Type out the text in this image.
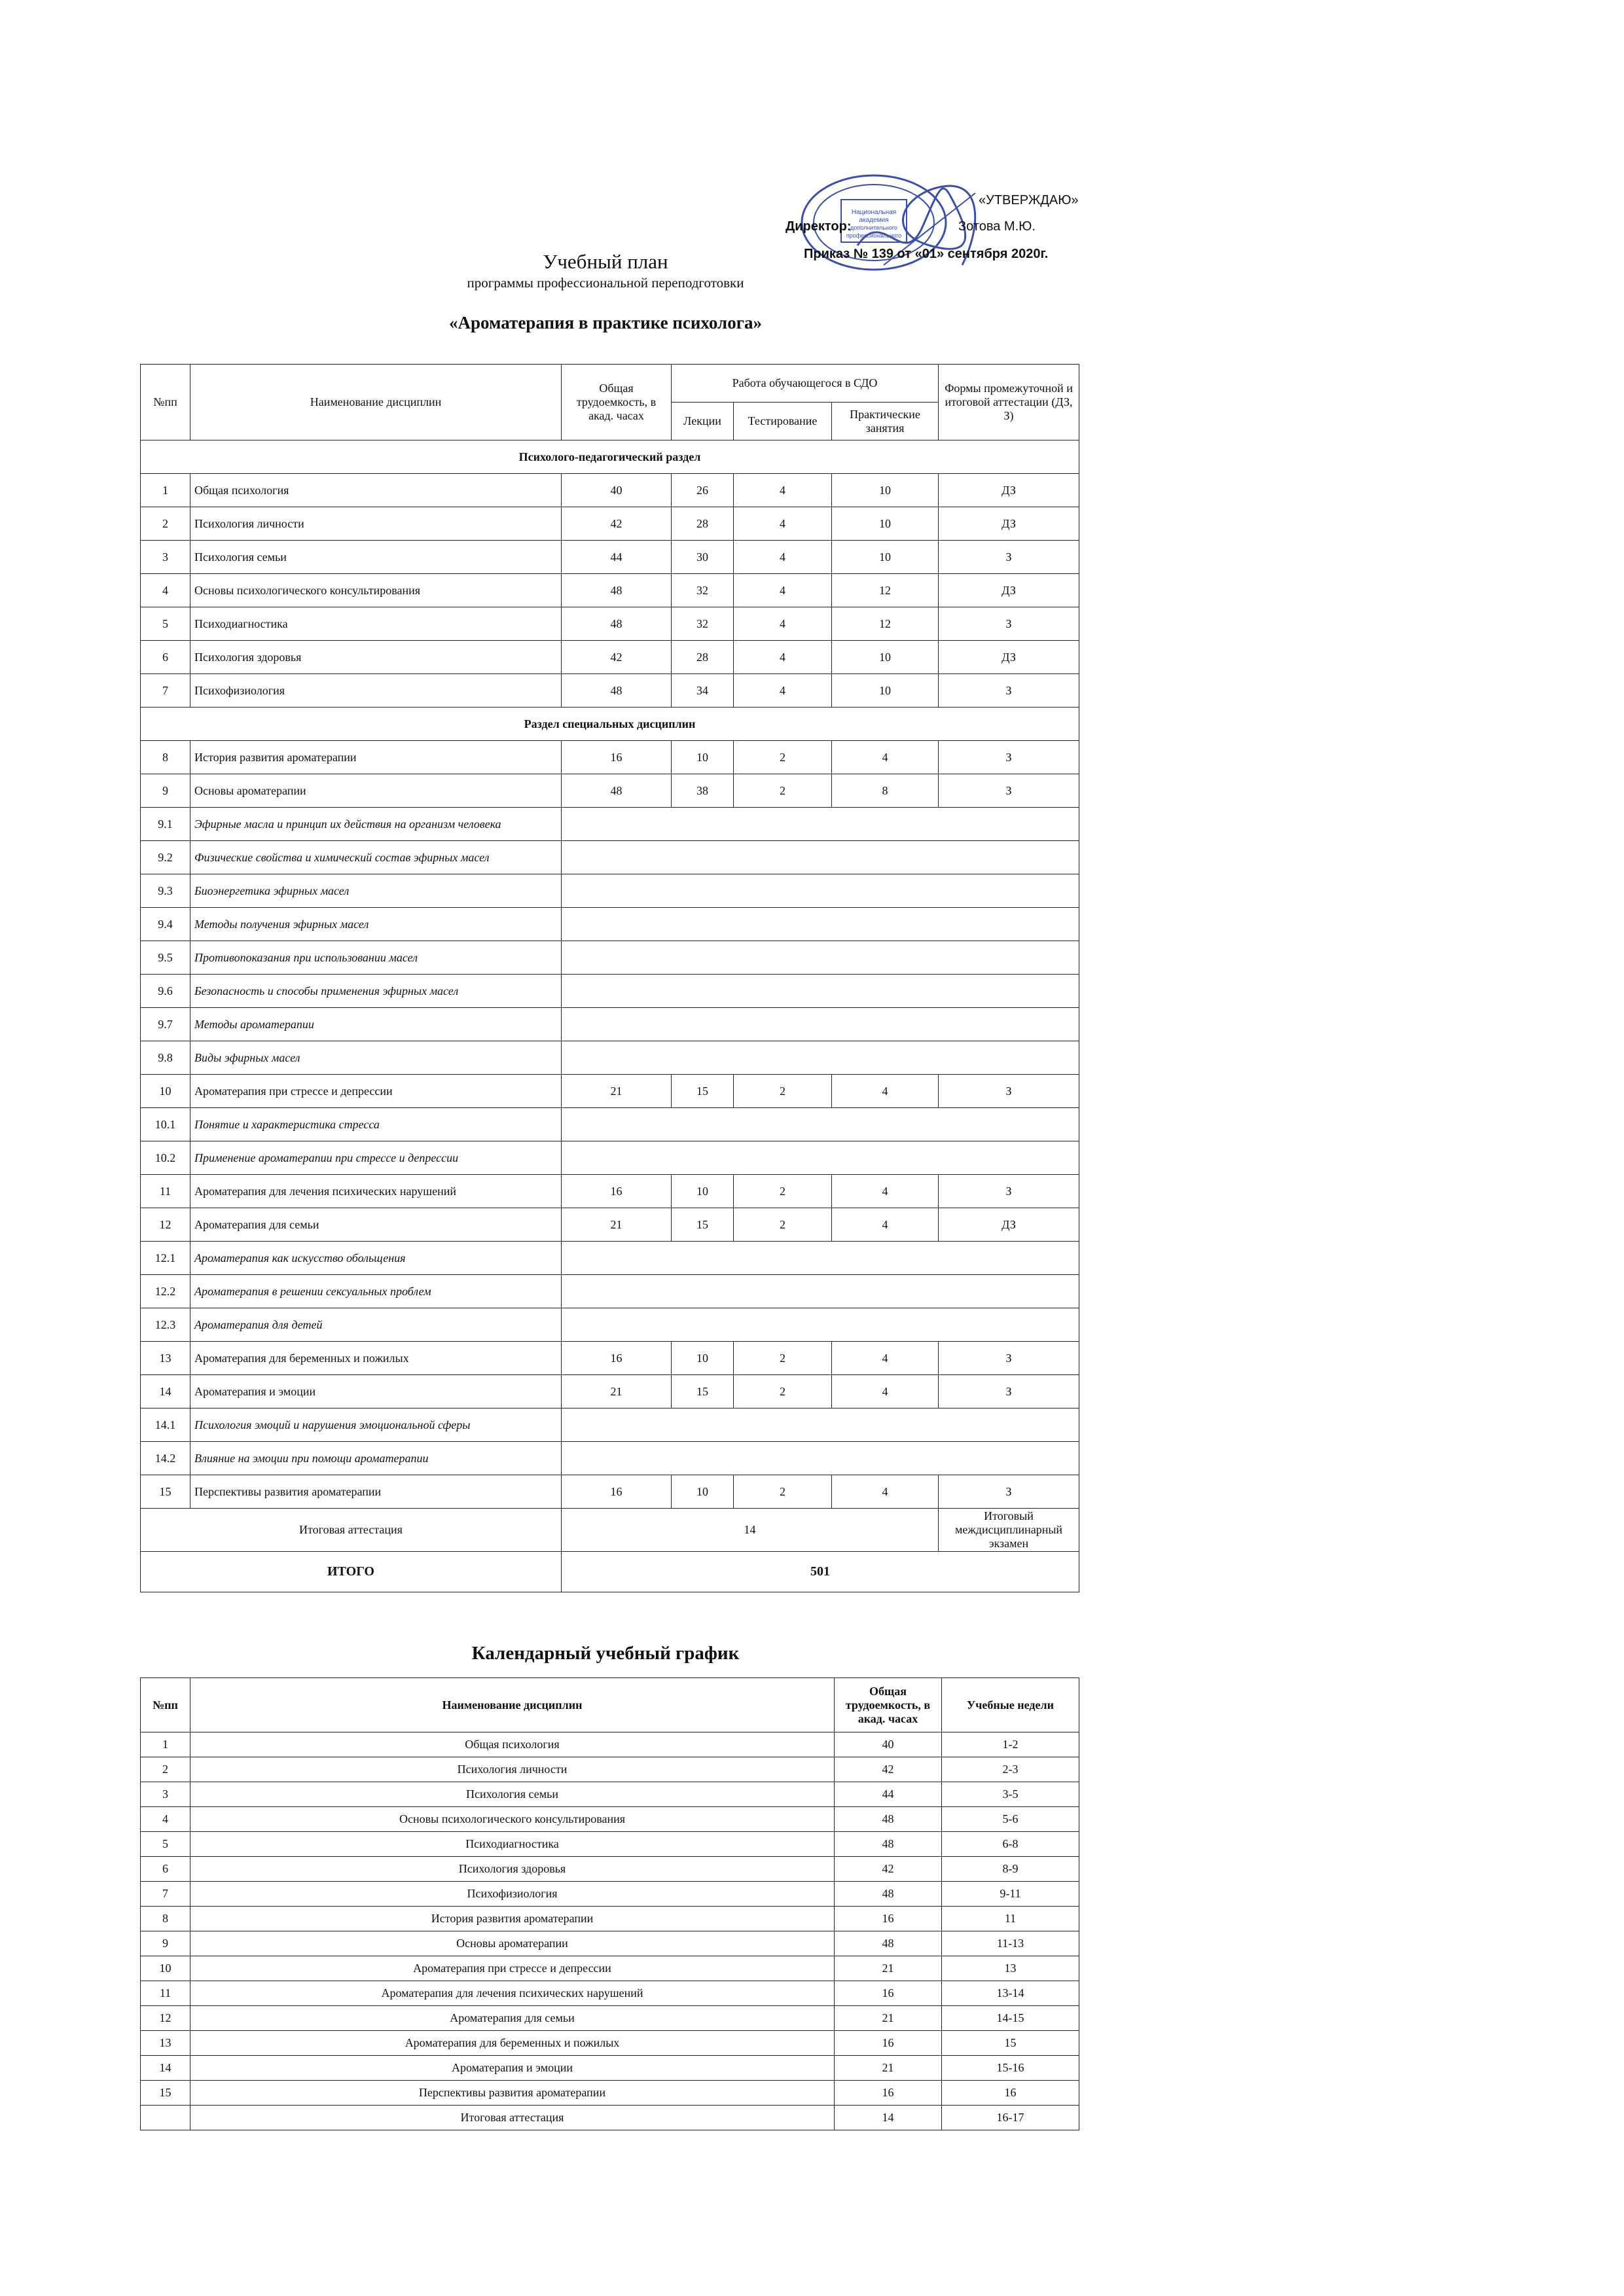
Национальная
академия
дополнительного
профессионального
«УТВЕРЖДАЮ»
Директор:	Зотова М.Ю.
Приказ № 139 от «01» сентября 2020г.
Учебный план
программы профессиональной переподготовки
«Ароматерапия в практике психолога»
№пп	Наименование дисциплин	Общая трудоемкость, в акад. часах	Работа обучающегося в СДО			Формы промежуточной и итоговой аттестации (ДЗ, З)
			Лекции	Тестирование	Практические занятия	
Психолого-педагогический раздел						
1	Общая психология	40	26	4	10	ДЗ
2	Психология личности	42	28	4	10	ДЗ
3	Психология семьи	44	30	4	10	З
4	Основы психологического консультирования	48	32	4	12	ДЗ
5	Психодиагностика	48	32	4	12	З
6	Психология здоровья	42	28	4	10	ДЗ
7	Психофизиология	48	34	4	10	З
Раздел специальных дисциплин						
8	История развития ароматерапии	16	10	2	4	З
9	Основы ароматерапии	48	38	2	8	З
9.1	Эфирные масла и принцип их действия на организм человека					
9.2	Физические свойства и химический состав эфирных масел					
9.3	Биоэнергетика эфирных масел					
9.4	Методы получения эфирных масел					
9.5	Противопоказания при использовании масел					
9.6	Безопасность и способы применения эфирных масел					
9.7	Методы ароматерапии					
9.8	Виды эфирных масел					
10	Ароматерапия при стрессе и депрессии	21	15	2	4	З
10.1	Понятие и характеристика стресса					
10.2	Применение ароматерапии при стрессе и депрессии					
11	Ароматерапия для лечения психических нарушений	16	10	2	4	З
12	Ароматерапия для семьи	21	15	2	4	ДЗ
12.1	Ароматерапия как искусство обольщения					
12.2	Ароматерапия в решении сексуальных проблем					
12.3	Ароматерапия для детей					
13	Ароматерапия для беременных и пожилых	16	10	2	4	З
14	Ароматерапия и эмоции	21	15	2	4	З
14.1	Психология эмоций и нарушения эмоциональной сферы					
14.2	Влияние на эмоции при помощи ароматерапии					
15	Перспективы развития ароматерапии	16	10	2	4	З
Итоговая аттестация		14				Итоговый междисциплинарный экзамен
ИТОГО		501				
Календарный учебный график
№пп	Наименование дисциплин	Общая трудоемкость, в акад. часах	Учебные недели
1	Общая психология	40	1-2
2	Психология личности	42	2-3
3	Психология семьи	44	3-5
4	Основы психологического консультирования	48	5-6
5	Психодиагностика	48	6-8
6	Психология здоровья	42	8-9
7	Психофизиология	48	9-11
8	История развития ароматерапии	16	11
9	Основы ароматерапии	48	11-13
10	Ароматерапия при стрессе и депрессии	21	13
11	Ароматерапия для лечения психических нарушений	16	13-14
12	Ароматерапия для семьи	21	14-15
13	Ароматерапия для беременных и пожилых	16	15
14	Ароматерапия и эмоции	21	15-16
15	Перспективы развития ароматерапии	16	16
	Итоговая аттестация	14	16-17
